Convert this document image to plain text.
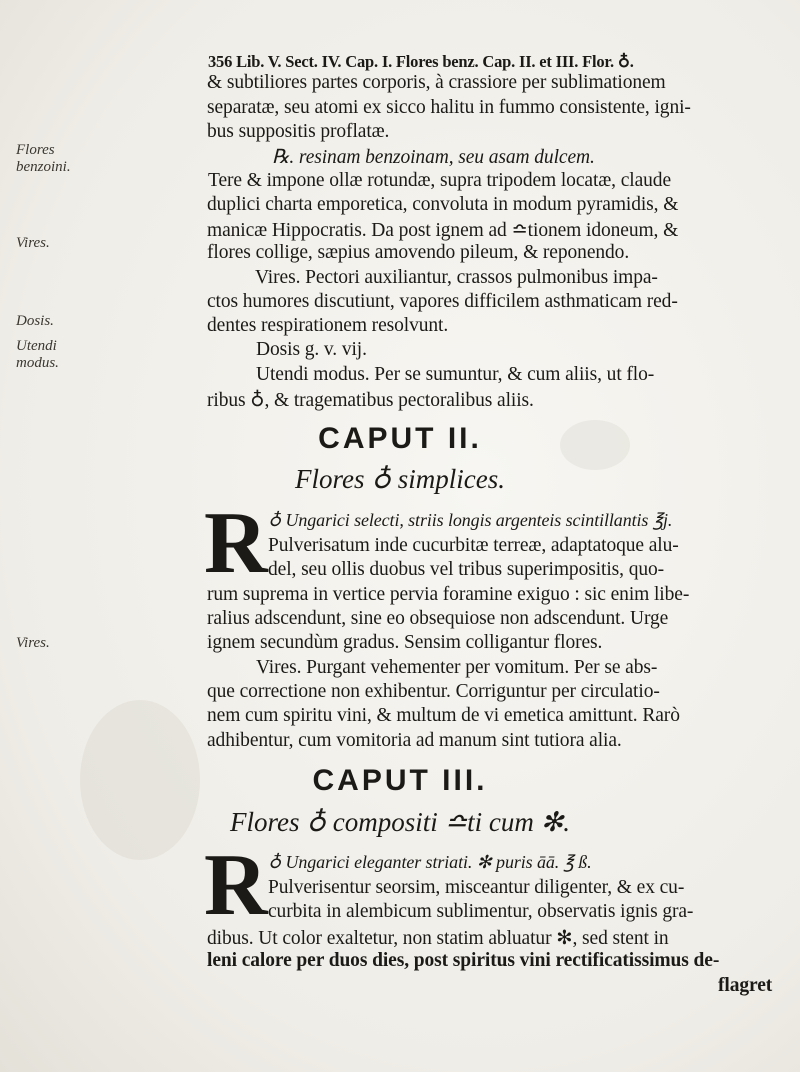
356 Lib. V. Sect. IV. Cap. I. Flores benz. Cap. II. et III. Flor. ♁.
Flores
benzoini.
Vires.
Dosis.
Utendi
modus.
Vires.
& subtiliores partes corporis, à crassiore per sublimationem
separatæ, seu atomi ex sicco halitu in fummo consistente, igni-
bus suppositis proflatæ.
℞. resinam benzoinam, seu asam dulcem.
Tere & impone ollæ rotundæ, supra tripodem locatæ, claude
duplici charta emporetica, convoluta in modum pyramidis, &
manicæ Hippocratis. Da post ignem ad ≏tionem idoneum, &
flores collige, sæpius amovendo pileum, & reponendo.
Vires. Pectori auxiliantur, crassos pulmonibus impa-
ctos humores discutiunt, vapores difficilem asthmaticam red-
dentes respirationem resolvunt.
Dosis g. v. vij.
Utendi modus. Per se sumuntur, & cum aliis, ut flo-
ribus ♁, & tragematibus pectoralibus aliis.
CAPUT II.
Flores ♁ simplices.
R ♁ Ungarici selecti, striis longis argenteis scintillantis ℥j.
Pulverisatum inde cucurbitæ terreæ, adaptatoque alu-
del, seu ollis duobus vel tribus superimpositis, quo-
rum suprema in vertice pervia foramine exiguo : sic enim libe-
ralius adscendunt, sine eo obsequiose non adscendunt. Urge
ignem secundùm gradus. Sensim colligantur flores.
Vires. Purgant vehementer per vomitum. Per se abs-
que correctione non exhibentur. Corriguntur per circulatio-
nem cum spiritu vini, & multum de vi emetica amittunt. Rarò
adhibentur, cum vomitoria ad manum sint tutiora alia.
CAPUT III.
Flores ♁ compositi ≏ti cum ✻.
R ♁ Ungarici eleganter striati. ✻ puris āā. ℥ ß.
Pulverisentur seorsim, misceantur diligenter, & ex cu-
curbita in alembicum sublimentur, observatis ignis gra-
dibus. Ut color exaltetur, non statim abluatur ✻, sed stent in
leni calore per duos dies, post spiritus vini rectificatissimus de-
flagret
